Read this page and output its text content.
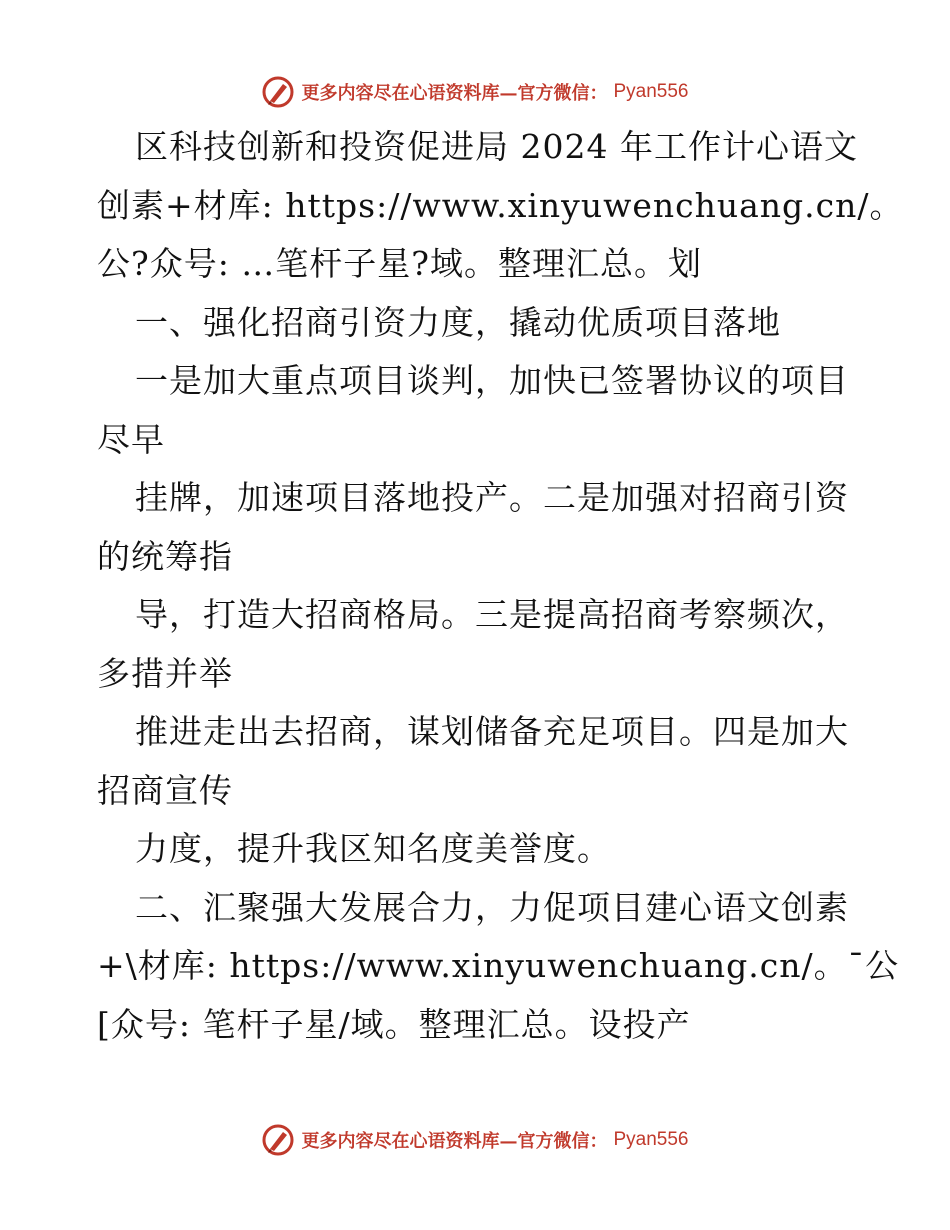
更多内容尽在心语资料库—官方微信： Pyan556
区科技创新和投资促进局 2024 年工作计心语文
创素+材库: https://www.xinyuwenchuang.cn/。
公?众号: …笔杆子星?域。整理汇总。划
一、强化招商引资力度，撬动优质项目落地
一是加大重点项目谈判，加快已签署协议的项目
尽早
挂牌，加速项目落地投产。二是加强对招商引资
的统筹指
导，打造大招商格局。三是提高招商考察频次，
多措并举
推进走出去招商，谋划储备充足项目。四是加大
招商宣传
力度，提升我区知名度美誉度。
二、汇聚强大发展合力，力促项目建心语文创素
+\材库: https://www.xinyuwenchuang.cn/。¯公
[众号: 笔杆子星/域。整理汇总。设投产
更多内容尽在心语资料库—官方微信： Pyan556
